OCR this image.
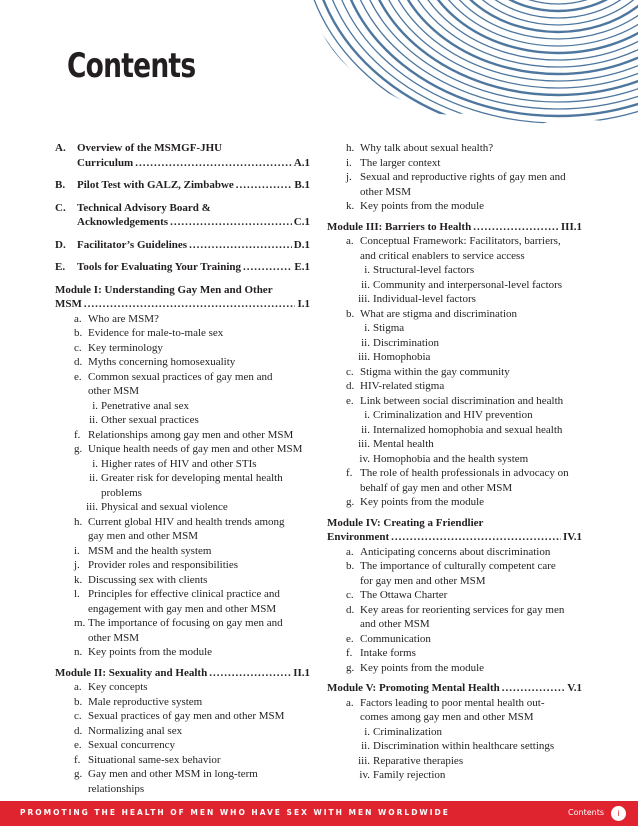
Contents
A. Overview of the MSMGF-JHU
Curriculum .....	A.1
B. Pilot Test with GALZ, Zimbabwe .....	B.1
C. Technical Advisory Board &
Acknowledgements .....	C.1
D. Facilitator’s Guidelines .....	D.1
E. Tools for Evaluating Your Training .....	E.1
Module I: Understanding Gay Men and Other
MSM .....	I.1
a. Who are MSM?
b. Evidence for male-to-male sex
c. Key terminology
d. Myths concerning homosexuality
e. Common sexual practices of gay men and
other MSM
i. Penetrative anal sex
ii. Other sexual practices
f. Relationships among gay men and other MSM
g. Unique health needs of gay men and other MSM
i. Higher rates of HIV and other STIs
ii. Greater risk for developing mental health
problems
iii. Physical and sexual violence
h. Current global HIV and health trends among
gay men and other MSM
i. MSM and the health system
j. Provider roles and responsibilities
k. Discussing sex with clients
l. Principles for effective clinical practice and
engagement with gay men and other MSM
m. The importance of focusing on gay men and
other MSM
n. Key points from the module
Module II: Sexuality and Health .....	II.1
a. Key concepts
b. Male reproductive system
c. Sexual practices of gay men and other MSM
d. Normalizing anal sex
e. Sexual concurrency
f. Situational same-sex behavior
g. Gay men and other MSM in long-term
relationships
h. Why talk about sexual health?
i. The larger context
j. Sexual and reproductive rights of gay men and
other MSM
k. Key points from the module
Module III: Barriers to Health .....	III.1
a. Conceptual Framework: Facilitators, barriers,
and critical enablers to service access
i. Structural-level factors
ii. Community and interpersonal-level factors
iii. Individual-level factors
b. What are stigma and discrimination
i. Stigma
ii. Discrimination
iii. Homophobia
c. Stigma within the gay community
d. HIV-related stigma
e. Link between social discrimination and health
i. Criminalization and HIV prevention
ii. Internalized homophobia and sexual health
iii. Mental health
iv. Homophobia and the health system
f. The role of health professionals in advocacy on
behalf of gay men and other MSM
g. Key points from the module
Module IV: Creating a Friendlier
Environment .....	IV.1
a. Anticipating concerns about discrimination
b. The importance of culturally competent care
for gay men and other MSM
c. The Ottawa Charter
d. Key areas for reorienting services for gay men
and other MSM
e. Communication
f. Intake forms
g. Key points from the module
Module V: Promoting Mental Health .....	V.1
a. Factors leading to poor mental health out-
comes among gay men and other MSM
i. Criminalization
ii. Discrimination within healthcare settings
iii. Reparative therapies
iv. Family rejection
PROMOTING THE HEALTH OF MEN WHO HAVE SEX WITH MEN WORLDWIDE	Contents	i
